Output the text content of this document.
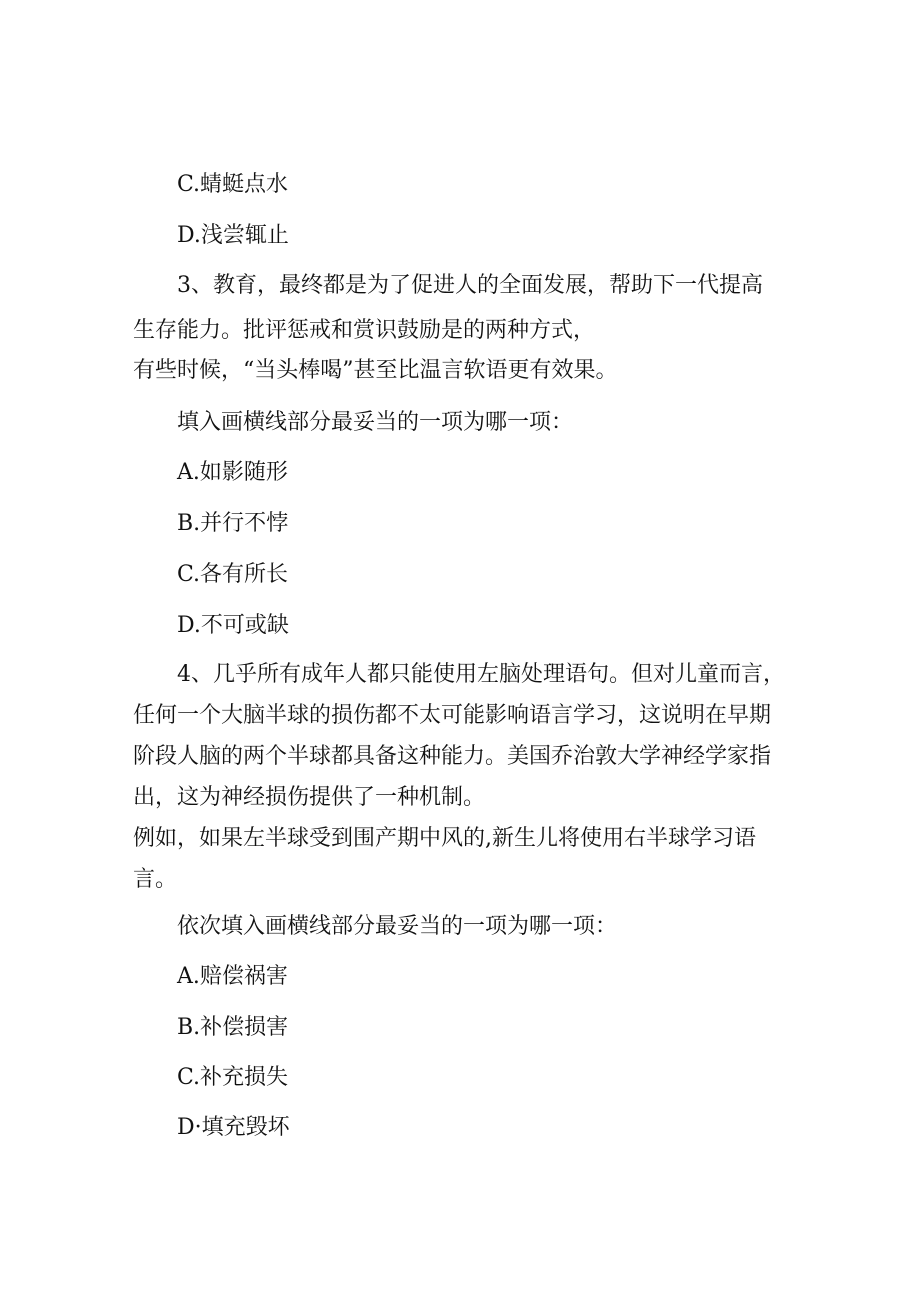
C.蜻蜓点水

D.浅尝辄止

3、教育，最终都是为了促进人的全面发展，帮助下一代提高

生存能力。批评惩戒和赏识鼓励是的两种方式，

有些时候，“当头棒喝”甚至比温言软语更有效果。

填入画横线部分最妥当的一项为哪一项：

A.如影随形

B.并行不悖

C.各有所长

D.不可或缺

4、几乎所有成年人都只能使用左脑处理语句。但对儿童而言，

任何一个大脑半球的损伤都不太可能影响语言学习，这说明在早期

阶段人脑的两个半球都具备这种能力。美国乔治敦大学神经学家指

出，这为神经损伤提供了一种机制。

例如，如果左半球受到围产期中风的,新生儿将使用右半球学习语

言。

依次填入画横线部分最妥当的一项为哪一项：

A.赔偿祸害

B.补偿损害

C.补充损失

D·填充毁坏
